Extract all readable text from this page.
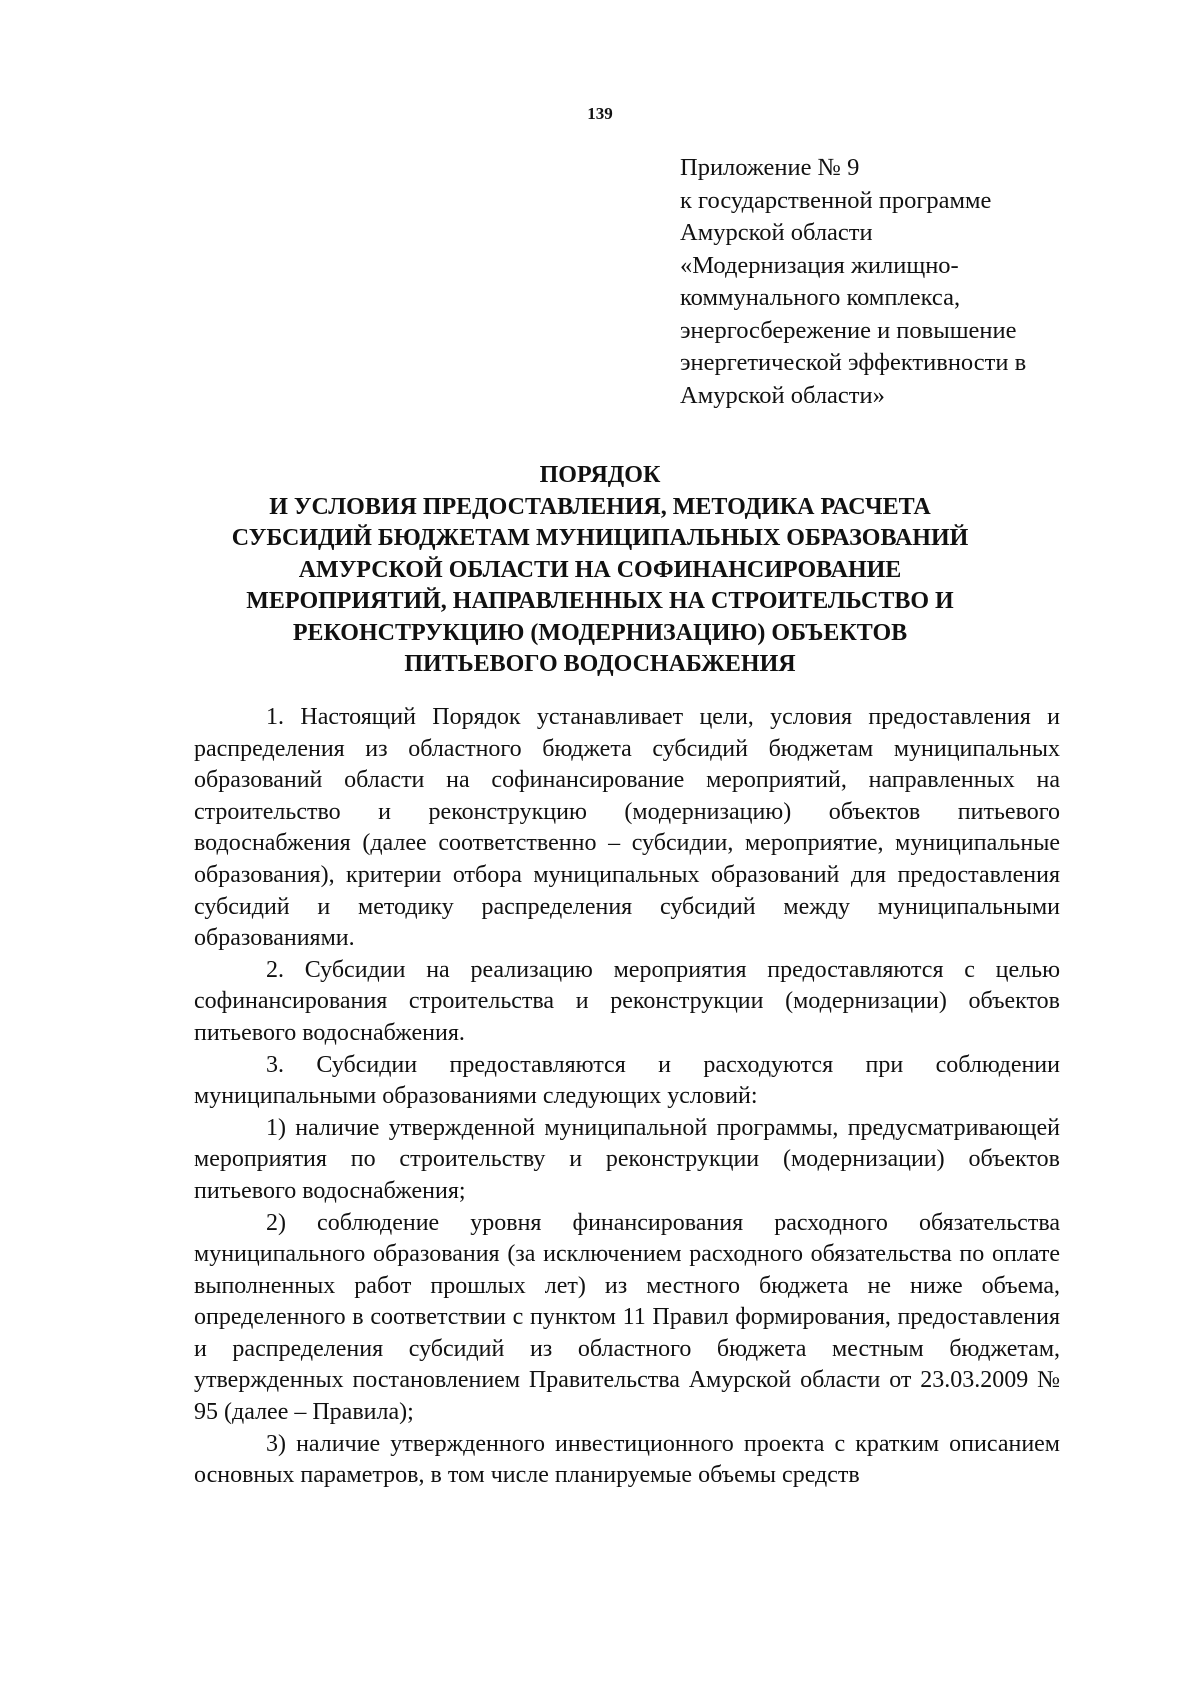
139
Приложение № 9
к государственной программе
Амурской области
«Модернизация жилищно-
коммунального комплекса,
энергосбережение и повышение
энергетической эффективности в
Амурской области»
ПОРЯДОК
И УСЛОВИЯ ПРЕДОСТАВЛЕНИЯ, МЕТОДИКА РАСЧЕТА
СУБСИДИЙ БЮДЖЕТАМ МУНИЦИПАЛЬНЫХ ОБРАЗОВАНИЙ
АМУРСКОЙ ОБЛАСТИ НА СОФИНАНСИРОВАНИЕ
МЕРОПРИЯТИЙ, НАПРАВЛЕННЫХ НА СТРОИТЕЛЬСТВО И
РЕКОНСТРУКЦИЮ (МОДЕРНИЗАЦИЮ) ОБЪЕКТОВ
ПИТЬЕВОГО ВОДОСНАБЖЕНИЯ

1. Настоящий Порядок устанавливает цели, условия предоставления и распределения из областного бюджета субсидий бюджетам муниципальных образований области на софинансирование мероприятий, направленных на строительство и реконструкцию (модернизацию) объектов питьевого водоснабжения (далее соответственно – субсидии, мероприятие, муниципальные образования), критерии отбора муниципальных образований для предоставления субсидий и методику распределения субсидий между муниципальными образованиями.

2. Субсидии на реализацию мероприятия предоставляются с целью софинансирования строительства и реконструкции (модернизации) объектов питьевого водоснабжения.

3. Субсидии предоставляются и расходуются при соблюдении муниципальными образованиями следующих условий:

1) наличие утвержденной муниципальной программы, предусматривающей мероприятия по строительству и реконструкции (модернизации) объектов питьевого водоснабжения;

2) соблюдение уровня финансирования расходного обязательства муниципального образования (за исключением расходного обязательства по оплате выполненных работ прошлых лет) из местного бюджета не ниже объема, определенного в соответствии с пунктом 11 Правил формирования, предоставления и распределения субсидий из областного бюджета местным бюджетам, утвержденных постановлением Правительства Амурской области от 23.03.2009 № 95 (далее – Правила);

3) наличие утвержденного инвестиционного проекта с кратким описанием основных параметров, в том числе планируемые объемы средств
